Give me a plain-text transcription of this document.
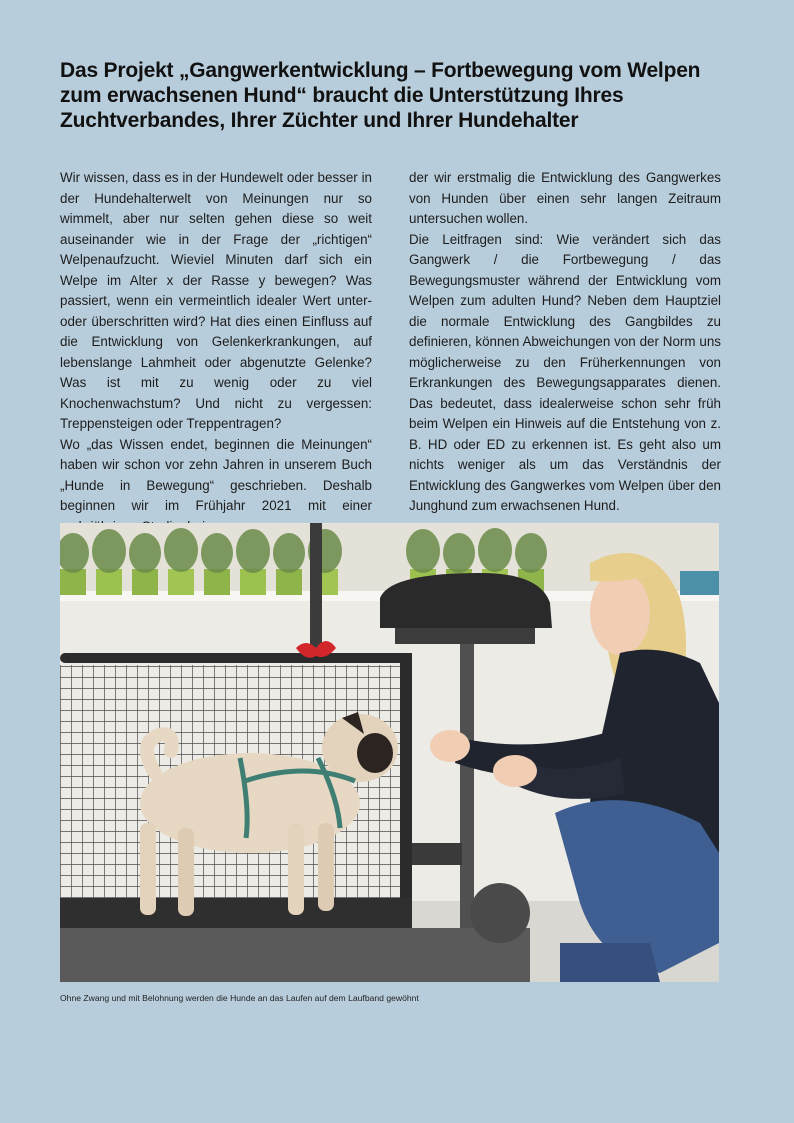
Das Projekt „Gangwerkentwicklung – Fortbewegung vom Welpen zum erwachsenen Hund“ braucht die Unterstützung Ihres Zuchtverbandes, Ihrer Züchter und Ihrer Hundehalter

Wir wissen, dass es in der Hundewelt oder besser in der Hundehalterwelt von Meinungen nur so wimmelt, aber nur selten gehen diese so weit auseinander wie in der Frage der „richtigen“ Welpenaufzucht. Wieviel Minuten darf sich ein Welpe im Alter x der Rasse y bewegen? Was passiert, wenn ein vermeintlich idealer Wert unter- oder überschritten wird? Hat dies einen Einfluss auf die Entwicklung von Gelenkerkrankungen, auf lebenslange Lahmheit oder abgenutzte Gelenke? Was ist mit zu wenig oder zu viel Knochenwachstum? Und nicht zu vergessen: Treppensteigen oder Treppentragen?

Wo „das Wissen endet, beginnen die Meinungen“ haben wir schon vor zehn Jahren in unserem Buch „Hunde in Bewegung“ geschrieben. Deshalb beginnen wir im Frühjahr 2021 mit einer

der wir erstmalig die Entwicklung des Gangwerkes von Hunden über einen sehr langen Zeitraum untersuchen wollen.

Die Leitfragen sind: Wie verändert sich das Gangwerk / die Fortbewegung / das Bewegungsmuster während der Entwicklung vom Welpen zum adulten Hund? Neben dem Hauptziel die normale Entwicklung des Gangbildes zu definieren, können Abweichungen von der Norm uns möglicherweise zu den Früherkennungen von Erkrankungen des Bewegungsapparates dienen. Das bedeutet, dass idealerweise schon sehr früh beim Welpen ein Hinweis auf die Entstehung von z. B. HD oder ED zu erkennen ist. Es geht also um nichts weniger als um das Verständnis der Entwicklung des Gangwerkes vom Welpen über den Junghund zum erwachsenen Hund.

Ohne Zwang und mit Belohnung werden die Hunde an das Laufen auf dem Laufband gewöhnt
